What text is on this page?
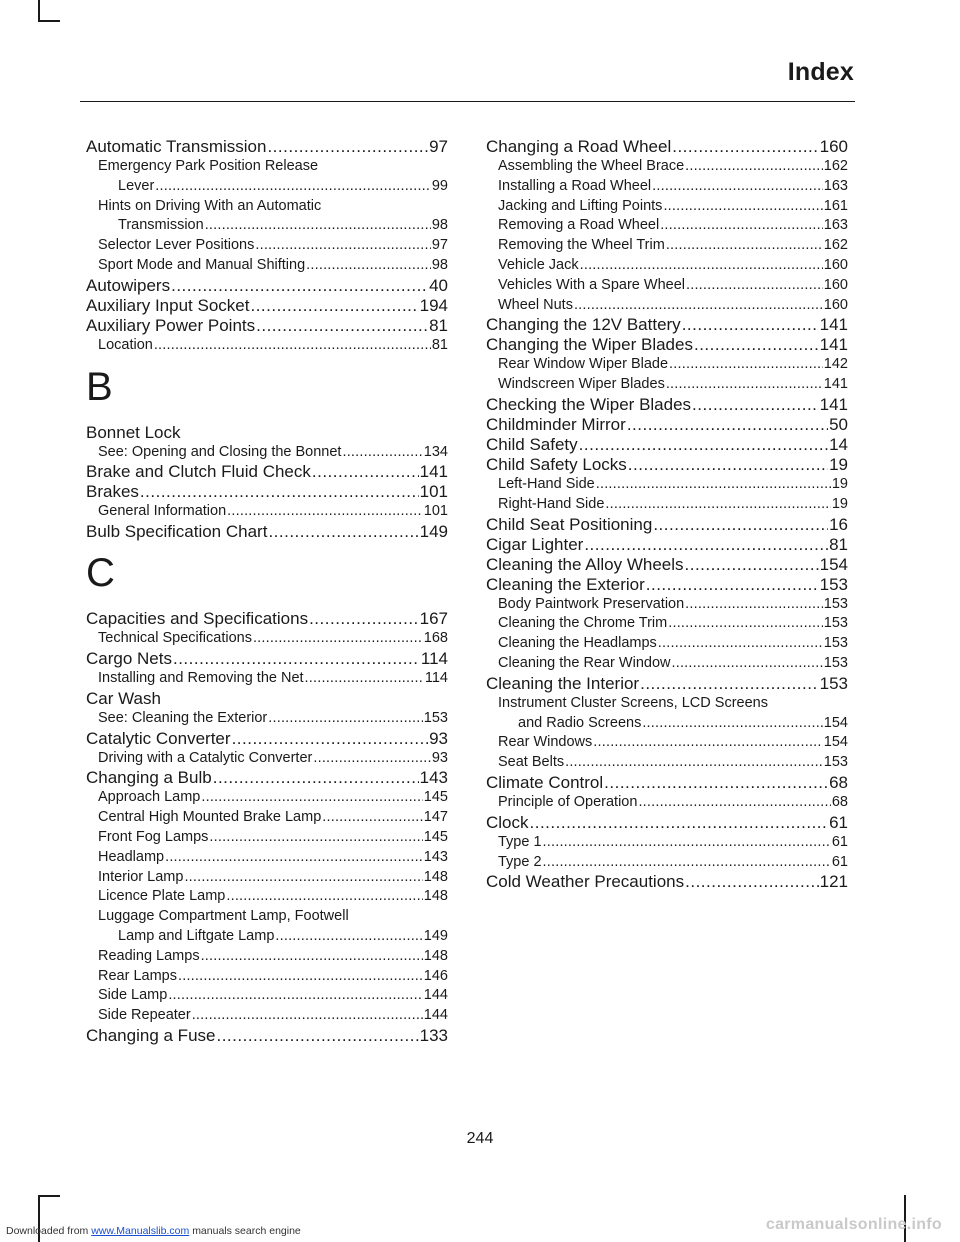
Index
Automatic Transmission .....	97
Emergency Park Position Release
Lever .....	99
Hints on Driving With an Automatic
Transmission .....	98
Selector Lever Positions .....	97
Sport Mode and Manual Shifting .....	98
Autowipers .....	40
Auxiliary Input Socket .....	194
Auxiliary Power Points .....	81
Location .....	81
B
Bonnet Lock
See: Opening and Closing the Bonnet .....	134
Brake and Clutch Fluid Check .....	141
Brakes .....	101
General Information .....	101
Bulb Specification Chart .....	149
C
Capacities and Specifications .....	167
Technical Specifications .....	168
Cargo Nets .....	114
Installing and Removing the Net .....	114
Car Wash
See: Cleaning the Exterior .....	153
Catalytic Converter .....	93
Driving with a Catalytic Converter .....	93
Changing a Bulb .....	143
Approach Lamp .....	145
Central High Mounted Brake Lamp .....	147
Front Fog Lamps .....	145
Headlamp .....	143
Interior Lamp .....	148
Licence Plate Lamp .....	148
Luggage Compartment Lamp, Footwell
Lamp and Liftgate Lamp .....	149
Reading Lamps .....	148
Rear Lamps .....	146
Side Lamp .....	144
Side Repeater .....	144
Changing a Fuse .....	133
Changing a Road Wheel .....	160
Assembling the Wheel Brace .....	162
Installing a Road Wheel .....	163
Jacking and Lifting Points .....	161
Removing a Road Wheel .....	163
Removing the Wheel Trim .....	162
Vehicle Jack .....	160
Vehicles With a Spare Wheel .....	160
Wheel Nuts .....	160
Changing the 12V Battery .....	141
Changing the Wiper Blades .....	141
Rear Window Wiper Blade .....	142
Windscreen Wiper Blades .....	141
Checking the Wiper Blades .....	141
Childminder Mirror .....	50
Child Safety .....	14
Child Safety Locks .....	19
Left-Hand Side .....	19
Right-Hand Side .....	19
Child Seat Positioning .....	16
Cigar Lighter .....	81
Cleaning the Alloy Wheels .....	154
Cleaning the Exterior .....	153
Body Paintwork Preservation .....	153
Cleaning the Chrome Trim .....	153
Cleaning the Headlamps .....	153
Cleaning the Rear Window .....	153
Cleaning the Interior .....	153
Instrument Cluster Screens, LCD Screens
and Radio Screens .....	154
Rear Windows .....	154
Seat Belts .....	153
Climate Control .....	68
Principle of Operation .....	68
Clock .....	61
Type 1 .....	61
Type 2 .....	61
Cold Weather Precautions .....	121
244
Downloaded from www.Manualslib.com manuals search engine	carmanualsonline.info
